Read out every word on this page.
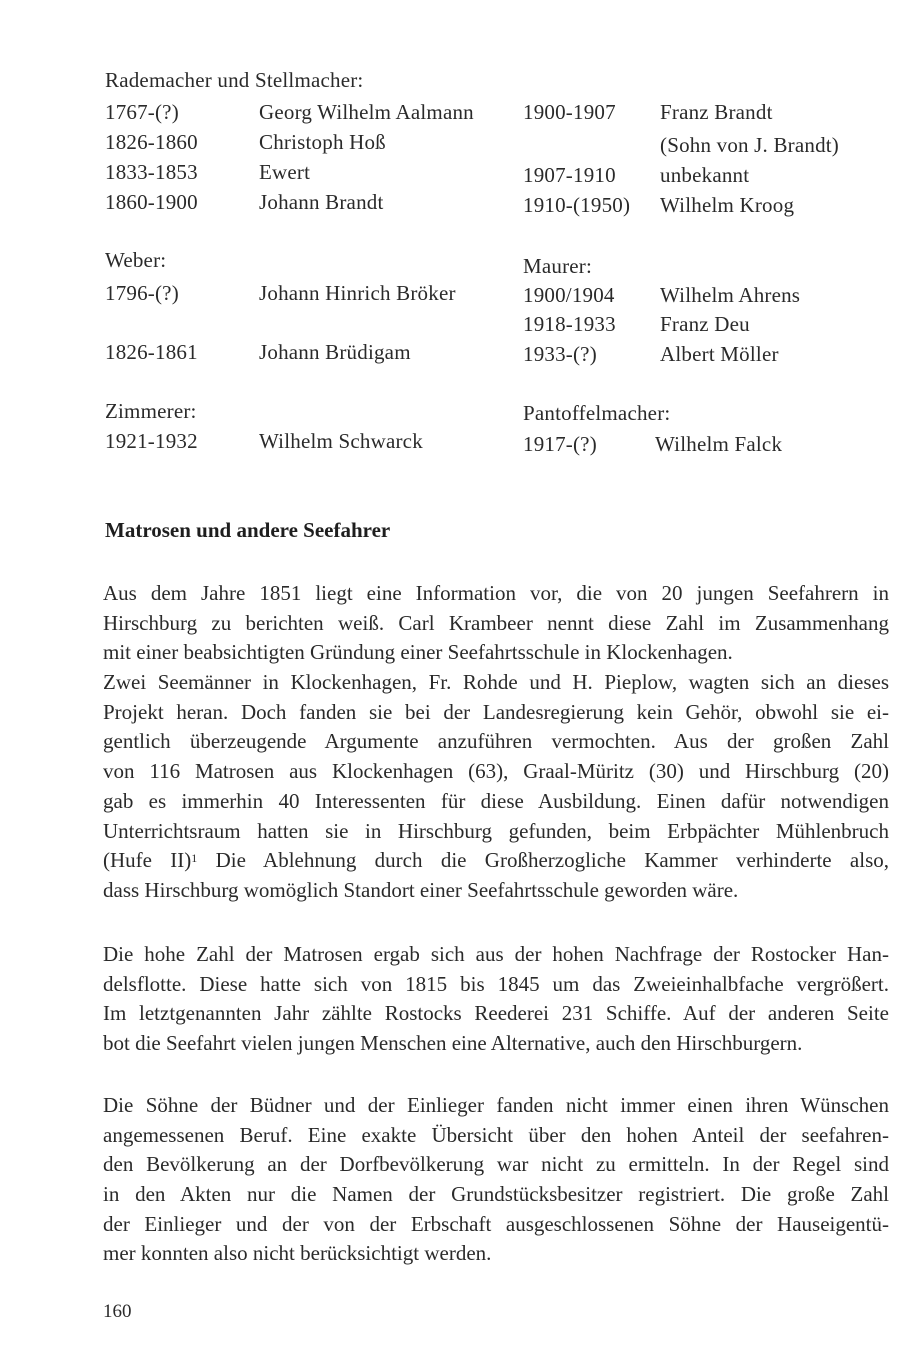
Rademacher und Stellmacher:
1767-(?)	Georg Wilhelm Aalmann
1826-1860	Christoph Hoß
1833-1853	Ewert
1860-1900	Johann Brandt
Weber:
1796-(?)	Johann Hinrich Bröker
1826-1861	Johann Brüdigam
Zimmerer:
1921-1932	Wilhelm Schwarck
1900-1907 Franz Brandt
(Sohn von J. Brandt)
1907-1910 unbekannt
1910-(1950) Wilhelm Kroog
Maurer:
1900/1904 Wilhelm Ahrens
1918-1933 Franz Deu
1933-(?)	Albert Möller
Pantoffelmacher:
1917-(?)	Wilhelm Falck
Matrosen und andere Seefahrer
Aus dem Jahre 1851 liegt eine Information vor, die von 20 jungen Seefahrern in
Hirschburg zu berichten weiß. Carl Krambeer nennt diese Zahl im Zusammenhang
mit einer beabsichtigten Gründung einer Seefahrtsschule in Klockenhagen.
Zwei Seemänner in Klockenhagen, Fr. Rohde und H. Pieplow, wagten sich an dieses
Projekt heran. Doch fanden sie bei der Landesregierung kein Gehör, obwohl sie ei-
gentlich überzeugende Argumente anzuführen vermochten. Aus der großen Zahl
von 116 Matrosen aus Klockenhagen (63), Graal-Müritz (30) und Hirschburg (20)
gab es immerhin 40 Interessenten für diese Ausbildung. Einen dafür notwendigen
Unterrichtsraum hatten sie in Hirschburg gefunden, beim Erbpächter Mühlenbruch
(Hufe II)$^1$ Die Ablehnung durch die Großherzogliche Kammer verhinderte also,
dass Hirschburg womöglich Standort einer Seefahrtsschule geworden wäre.
Die hohe Zahl der Matrosen ergab sich aus der hohen Nachfrage der Rostocker Han-
delsflotte. Diese hatte sich von 1815 bis 1845 um das Zweieinhalbfache vergrößert.
Im letztgenannten Jahr zählte Rostocks Reederei 231 Schiffe. Auf der anderen Seite
bot die Seefahrt vielen jungen Menschen eine Alternative, auch den Hirschburgern.
Die Söhne der Büdner und der Einlieger fanden nicht immer einen ihren Wünschen
angemessenen Beruf. Eine exakte Übersicht über den hohen Anteil der seefahren-
den Bevölkerung an der Dorfbevölkerung war nicht zu ermitteln. In der Regel sind
in den Akten nur die Namen der Grundstücksbesitzer registriert. Die große Zahl
der Einlieger und der von der Erbschaft ausgeschlossenen Söhne der Hauseigentü-
mer konnten also nicht berücksichtigt werden.
160
